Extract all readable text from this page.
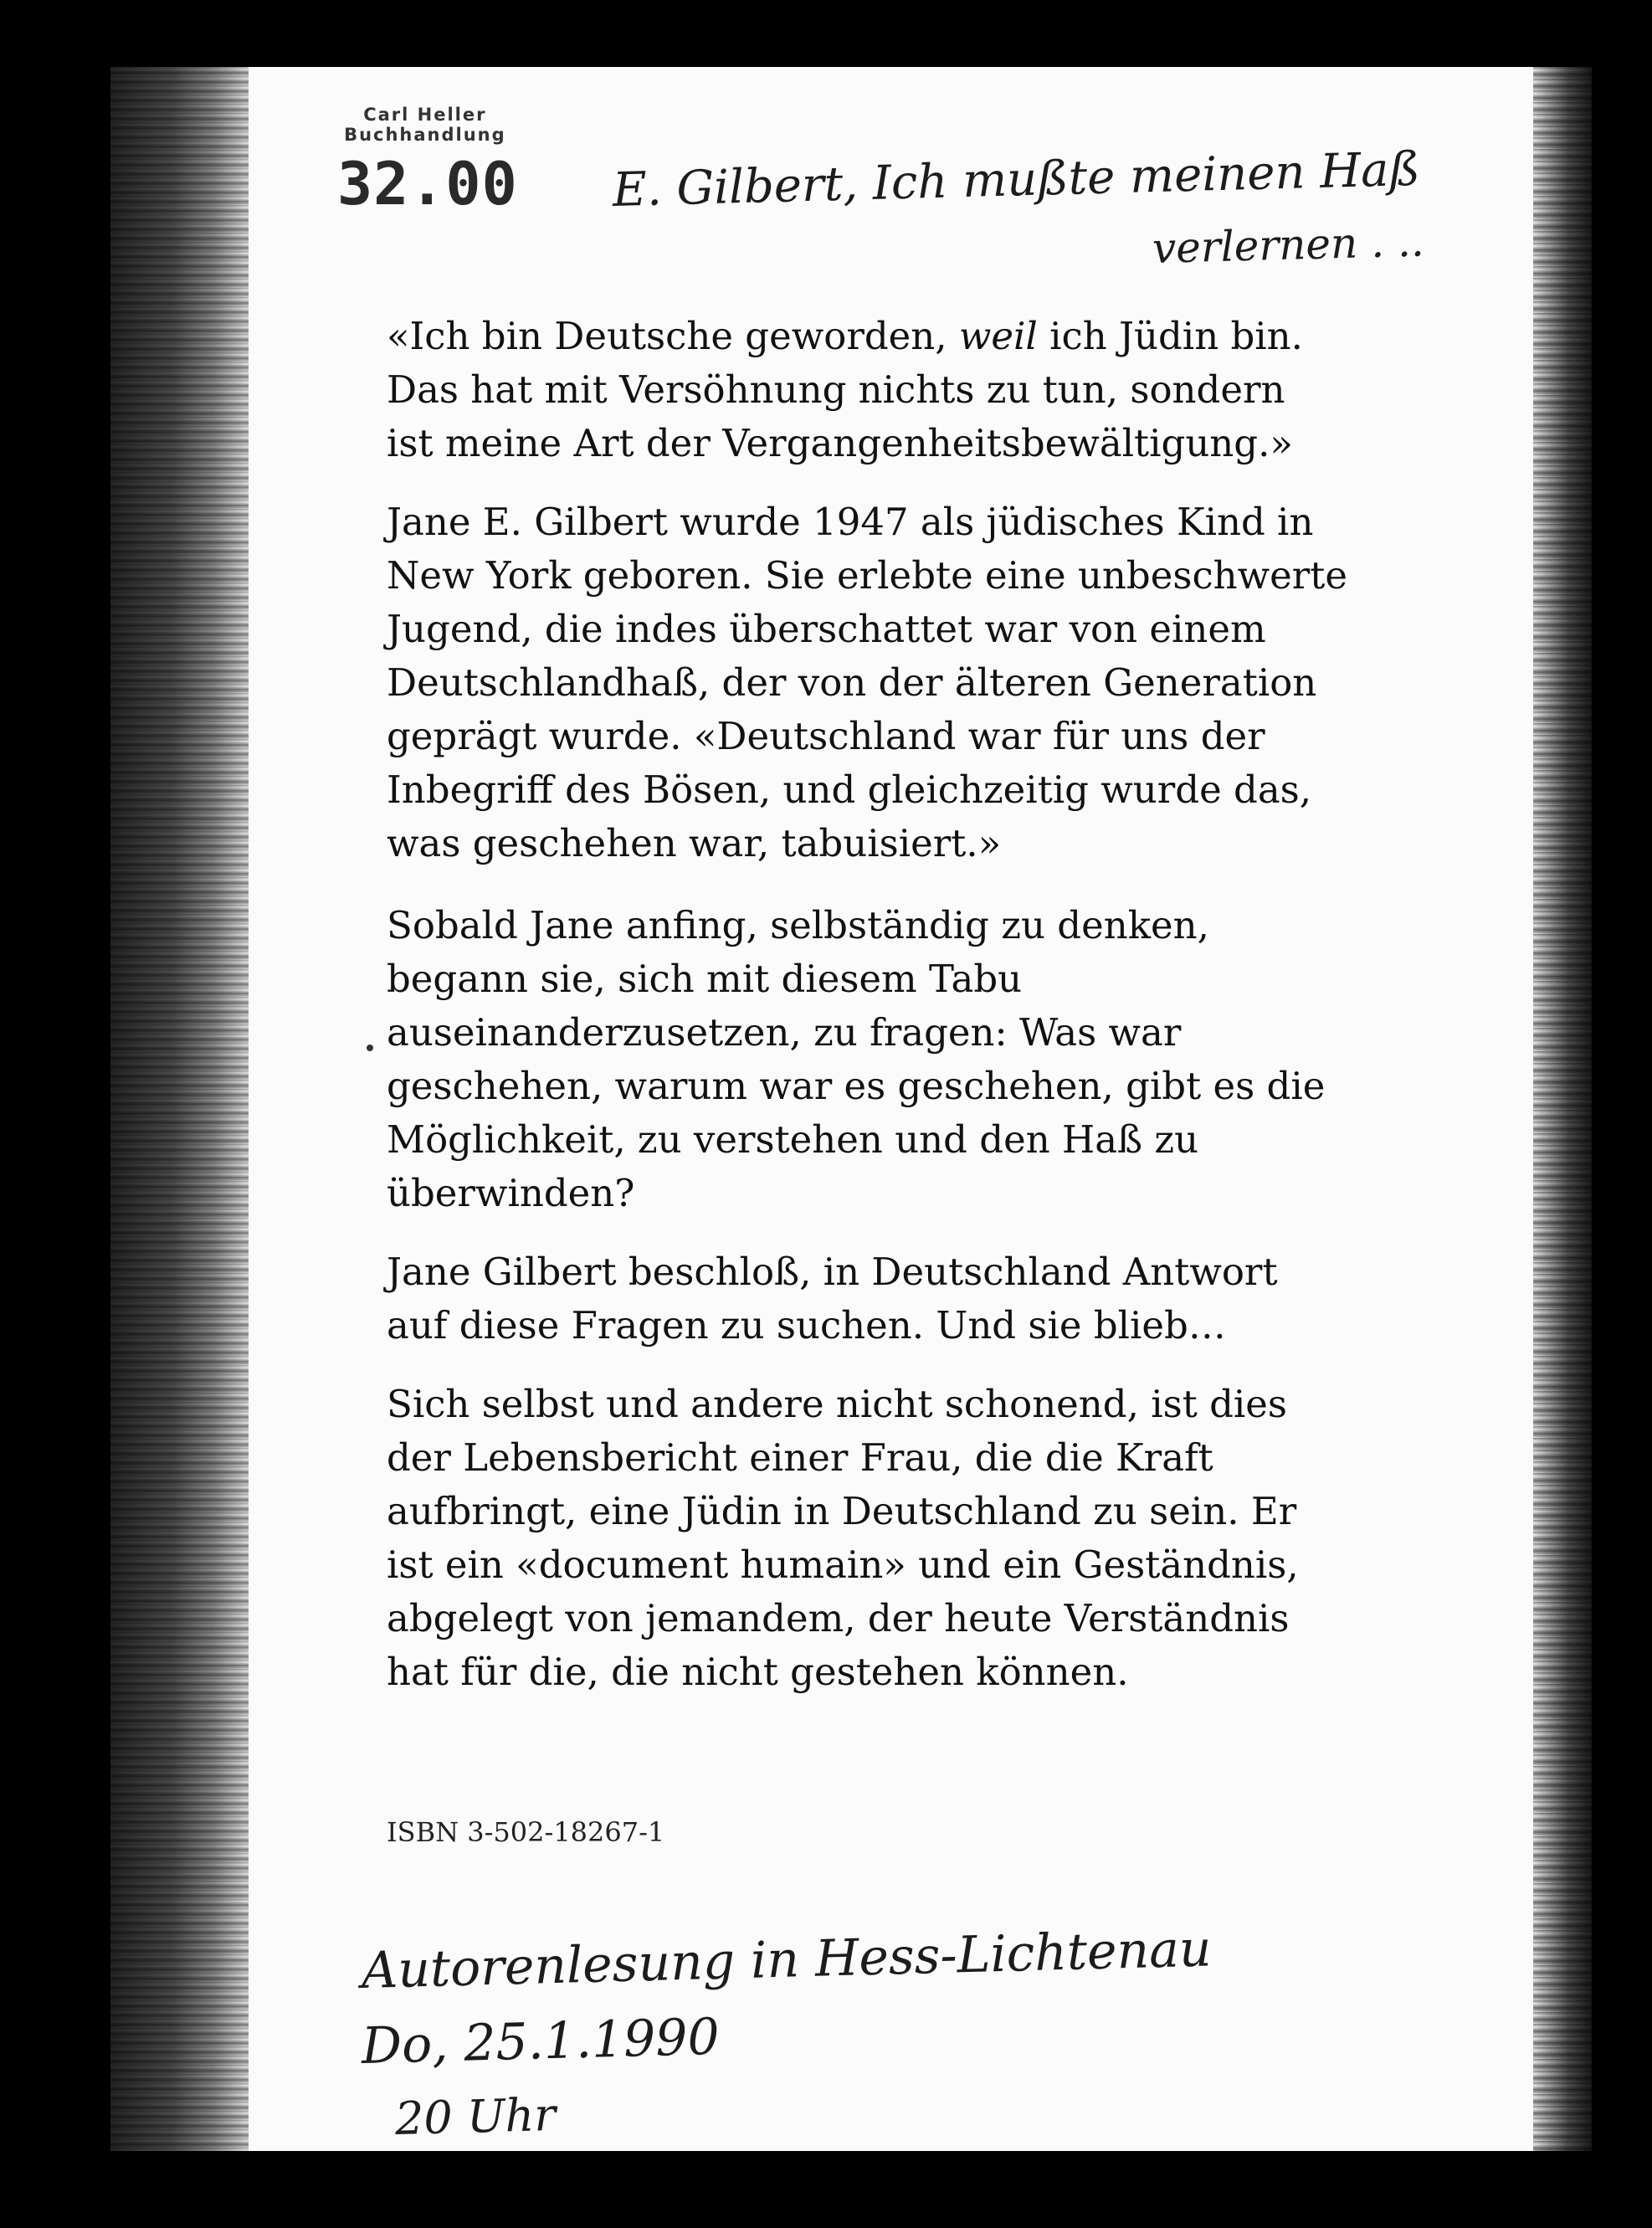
Carl Heller
Buchhandlung
32.00 E. Gilbert, Ich mußte meinen Haß
verlernen . ..

«Ich bin Deutsche geworden, weil ich Jüdin bin.
Das hat mit Versöhnung nichts zu tun, sondern
ist meine Art der Vergangenheitsbewältigung.»

Jane E. Gilbert wurde 1947 als jüdisches Kind in New York geboren. Sie erlebte eine unbeschwerte Jugend, die indes überschattet war von einem Deutschlandhaß, der von der älteren Generation geprägt wurde. «Deutschland war für uns der Inbegriff des Bösen, und gleichzeitig wurde das, was geschehen war, tabuisiert.»

Sobald Jane anfing, selbständig zu denken, begann sie, sich mit diesem Tabu auseinanderzusetzen, zu fragen: Was war geschehen, warum war es geschehen, gibt es die Möglichkeit, zu verstehen und den Haß zu überwinden?

Jane Gilbert beschloß, in Deutschland Antwort auf diese Fragen zu suchen. Und sie blieb…

Sich selbst und andere nicht schonend, ist dies der Lebensbericht einer Frau, die die Kraft aufbringt, eine Jüdin in Deutschland zu sein. Er ist ein «document humain» und ein Geständnis, abgelegt von jemandem, der heute Verständnis hat für die, die nicht gestehen können.

ISBN 3-502-18267-1
Autorenlesung in Hess-Lichtenau
Do, 25.1.1990
20 Uhr
